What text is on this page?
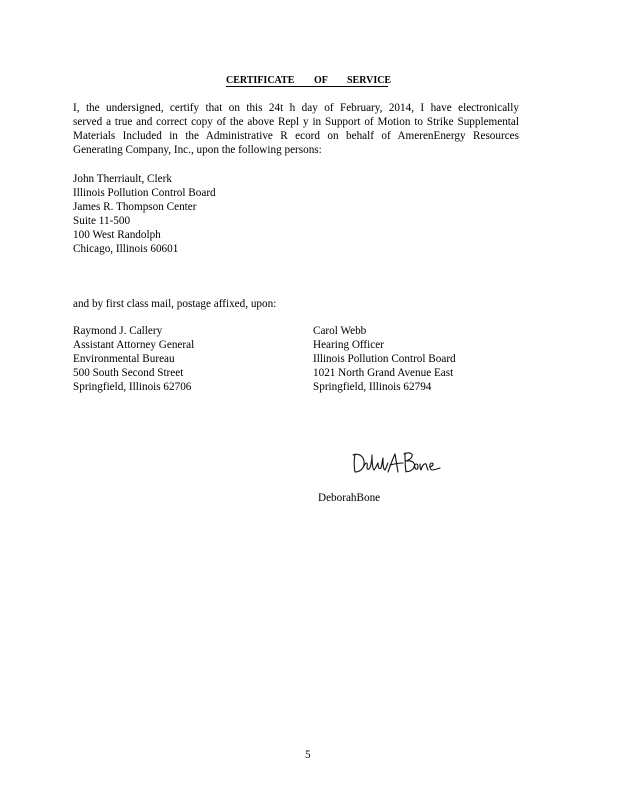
CERTIFICATE OF SERVICE
I, the undersigned, certify that on this 24t h day of February, 2014, I have electronically
served a true and correct copy of the above Repl y in Support of Motion to Strike Supplemental
Materials Included in the Administrative R ecord on behalf of AmerenEnergy Resources
Generating Company, Inc., upon the following persons:
John Therriault, Clerk
Illinois Pollution Control Board
James R. Thompson Center
Suite 11-500
100 West Randolph
Chicago, Illinois 60601
and by first class mail, postage affixed, upon:
Raymond J. Callery
Assistant Attorney General
Environmental Bureau
500 South Second Street
Springfield, Illinois 62706
Carol Webb
Hearing Officer
Illinois Pollution Control Board
1021 North Grand Avenue East
Springfield, Illinois 62794
DeborahBone
5
